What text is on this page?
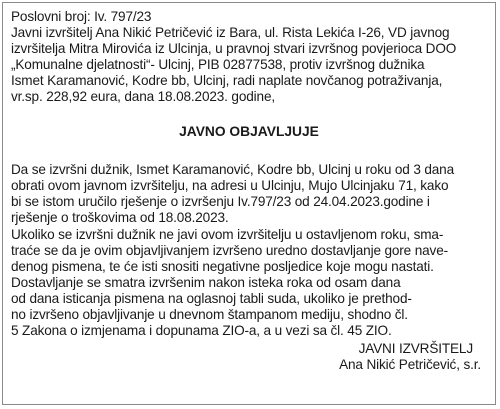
Poslovni broj: Iv. 797/23

Javni izvršitelj Ana Nikić Petričević iz Bara, ul. Rista Lekića I-26, VD javnog

izvršitelja Mitra Mirovića iz Ulcinja, u pravnoj stvari izvršnog povjerioca DOO

„Komunalne djelatnosti“- Ulcinj, PIB 02877538, protiv izvršnog dužnika

Ismet Karamanović, Kodre bb, Ulcinj, radi naplate novčanog potraživanja,

vr.sp. 228,92 eura, dana 18.08.2023. godine,

JAVNO OBJAVLJUJE

Da se izvršni dužnik, Ismet Karamanović, Kodre bb, Ulcinj u roku od 3 dana

obrati ovom javnom izvršitelju, na adresi u Ulcinju, Mujo Ulcinjaku 71, kako

bi se istom uručilo rješenje o izvršenju Iv.797/23 od 24.04.2023.godine i

rješenje o troškovima od 18.08.2023.

Ukoliko se izvršni dužnik ne javi ovom izvršitelju u ostavljenom roku, sma-

traće se da je ovim objavljivanjem izvršeno uredno dostavljanje gore nave-

denog pismena, te će isti snositi negativne posljedice koje mogu nastati.

Dostavljanje se smatra izvršenim nakon isteka roka od osam dana

od dana isticanja pismena na oglasnoj tabli suda, ukoliko je prethod-

no izvršeno objavljivanje u dnevnom štampanom mediju, shodno čl.

5 Zakona o izmjenama i dopunama ZIO-a, a u vezi sa čl. 45 ZIO.

JAVNI IZVRŠITELJ

Ana Nikić Petričević, s.r.
